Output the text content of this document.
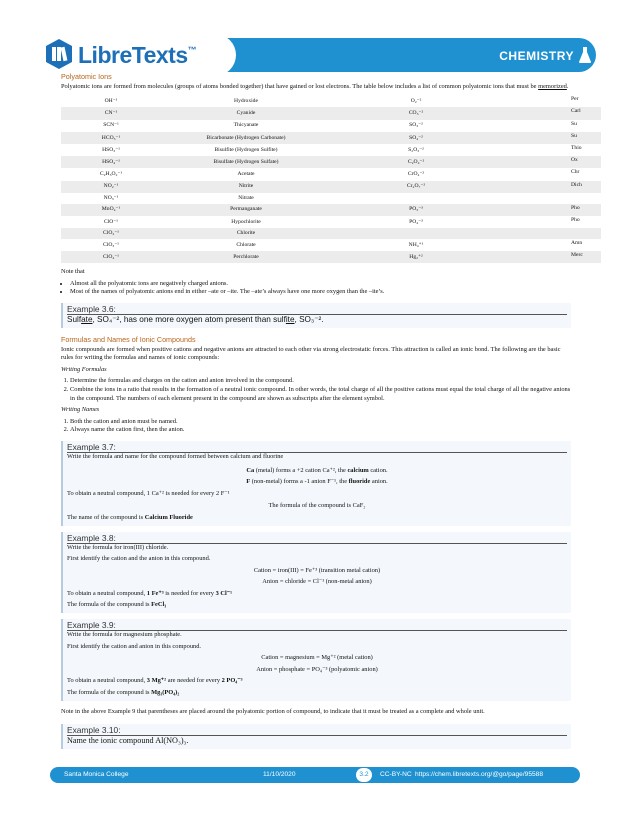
LibreTexts™	CHEMISTRY
Polyatomic Ions
Polyatomic ions are formed from molecules (groups of atoms bonded together) that have gained or lost electrons. The table below includes a list of common polyatomic ions that must be memorized.
OH⁻¹	Hydroxide	O₂⁻²	Per
CN⁻¹	Cyanide	CO₃⁻²	Carl
SCN⁻¹	Thicyanate	SO₃⁻²	Su
HCO₃⁻¹	Bicarbonate (Hydrogen Carbonate)	SO₄⁻²	Su
HSO₃⁻¹	Bisulfite (Hydrogen Sulfite)	S₂O₃⁻²	Thio
HSO₄⁻¹	Bisulfate (Hydrogen Sulfate)	C₂O₄⁻²	Ox
C₂H₃O₂⁻¹	Acetate	CrO₄⁻²	Chr
NO₂⁻¹	Nitrite	Cr₂O₇⁻²	Dich
NO₃⁻¹	Nitrate		
MnO₄⁻¹	Permanganate	PO₃⁻³	Pho
ClO⁻¹	Hypochlorite	PO₄⁻³	Pho
ClO₂⁻¹	Chlorite		
ClO₃⁻¹	Chlorate	NH₄⁺¹	Amn
ClO₄⁻¹	Perchlorate	Hg₂⁺²	Merc
Note that
• Almost all the polyatomic ions are negatively charged anions.
• Most of the names of polyatomic anions end in either –ate or –ite. The –ate’s always have one more oxygen than the –ite’s.
Example 3.6:
Sulfate, SO₄⁻², has one more oxygen atom present than sulfite, SO₃⁻².
Formulas and Names of Ionic Compounds
Ionic compounds are formed when positive cations and negative anions are attracted to each other via strong electrostatic forces. This attraction is called an ionic bond. The following are the basic rules for writing the formulas and names of ionic compounds:
Writing Formulas
1. Determine the formulas and charges on the cation and anion involved in the compound.
2. Combine the ions in a ratio that results in the formation of a neutral ionic compound. In other words, the total charge of all the positive cations must equal the total charge of all the negative anions in the compound. The numbers of each element present in the compound are shown as subscripts after the element symbol.
Writing Names
1. Both the cation and anion must be named.
2. Always name the cation first, then the anion.
Example 3.7:
Write the formula and name for the compound formed between calcium and fluorine
Ca (metal) forms a +2 cation Ca⁺², the calcium cation.
F (non-metal) forms a -1 anion F⁻¹, the fluoride anion.
To obtain a neutral compound, 1 Ca⁺² is needed for every 2 F⁻¹
The formula of the compound is CaF₂
The name of the compound is Calcium Fluoride
Example 3.8:
Write the formula for iron(III) chloride.
First identify the cation and the anion in this compound.
Cation = iron(III) = Fe⁺³ (transition metal cation)
Anion = chloride = Cl⁻¹ (non-metal anion)
To obtain a neutral compound, 1 Fe⁺³ is needed for every 3 Cl⁻¹
The formula of the compound is FeCl₃
Example 3.9:
Write the formula for magnesium phosphate.
First identify the cation and anion in this compound.
Cation = magnesium = Mg⁺² (metal cation)
Anion = phosphate = PO₄⁻³ (polyatomic anion)
To obtain a neutral compound, 3 Mg⁺² are needed for every 2 PO₄⁻³
The formula of the compound is Mg₃(PO₄)₂
Note in the above Example 9 that parentheses are placed around the polyatomic portion of compound, to indicate that it must be treated as a complete and whole unit.
Example 3.10:
Name the ionic compound Al(NO₃)₃.
Santa Monica College	11/10/2020	3.2	CC-BY-NC https://chem.libretexts.org/@go/page/95588
